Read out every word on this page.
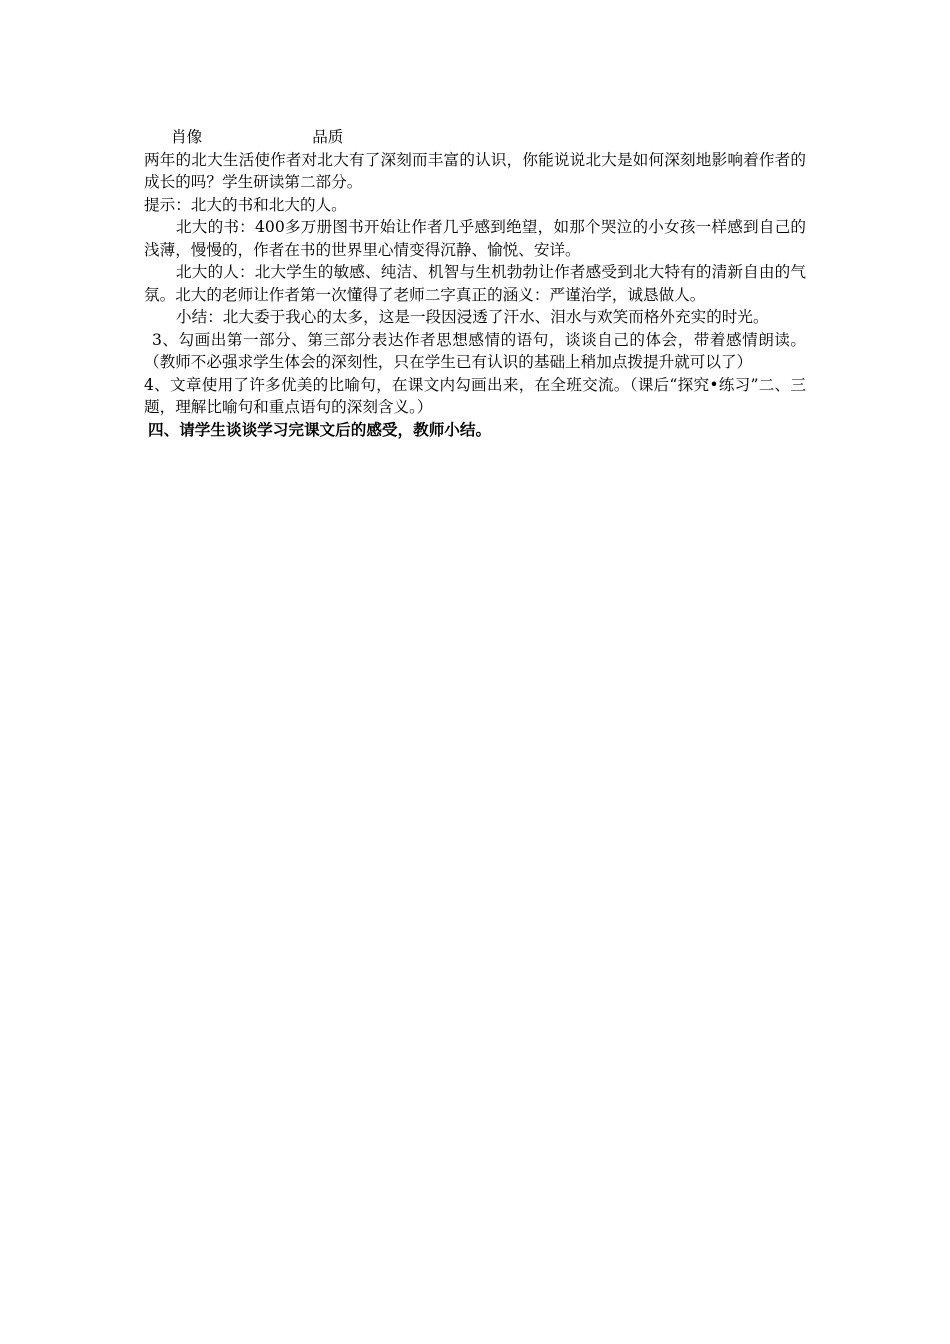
肖像	品质
两年的北大生活使作者对北大有了深刻而丰富的认识，你能说说北大是如何深刻地影响着作者的成长的吗？学生研读第二部分。
提示：北大的书和北大的人。
北大的书：400多万册图书开始让作者几乎感到绝望，如那个哭泣的小女孩一样感到自己的浅薄，慢慢的，作者在书的世界里心情变得沉静、愉悦、安详。
北大的人：北大学生的敏感、纯洁、机智与生机勃勃让作者感受到北大特有的清新自由的气氛。北大的老师让作者第一次懂得了老师二字真正的涵义：严谨治学，诚恳做人。
小结：北大委于我心的太多，这是一段因浸透了汗水、泪水与欢笑而格外充实的时光。
3、勾画出第一部分、第三部分表达作者思想感情的语句，谈谈自己的体会，带着感情朗读。（教师不必强求学生体会的深刻性，只在学生已有认识的基础上稍加点拨提升就可以了）
4、文章使用了许多优美的比喻句，在课文内勾画出来，在全班交流。（课后“探究•练习”二、三题，理解比喻句和重点语句的深刻含义。）
四、请学生谈谈学习完课文后的感受，教师小结。
